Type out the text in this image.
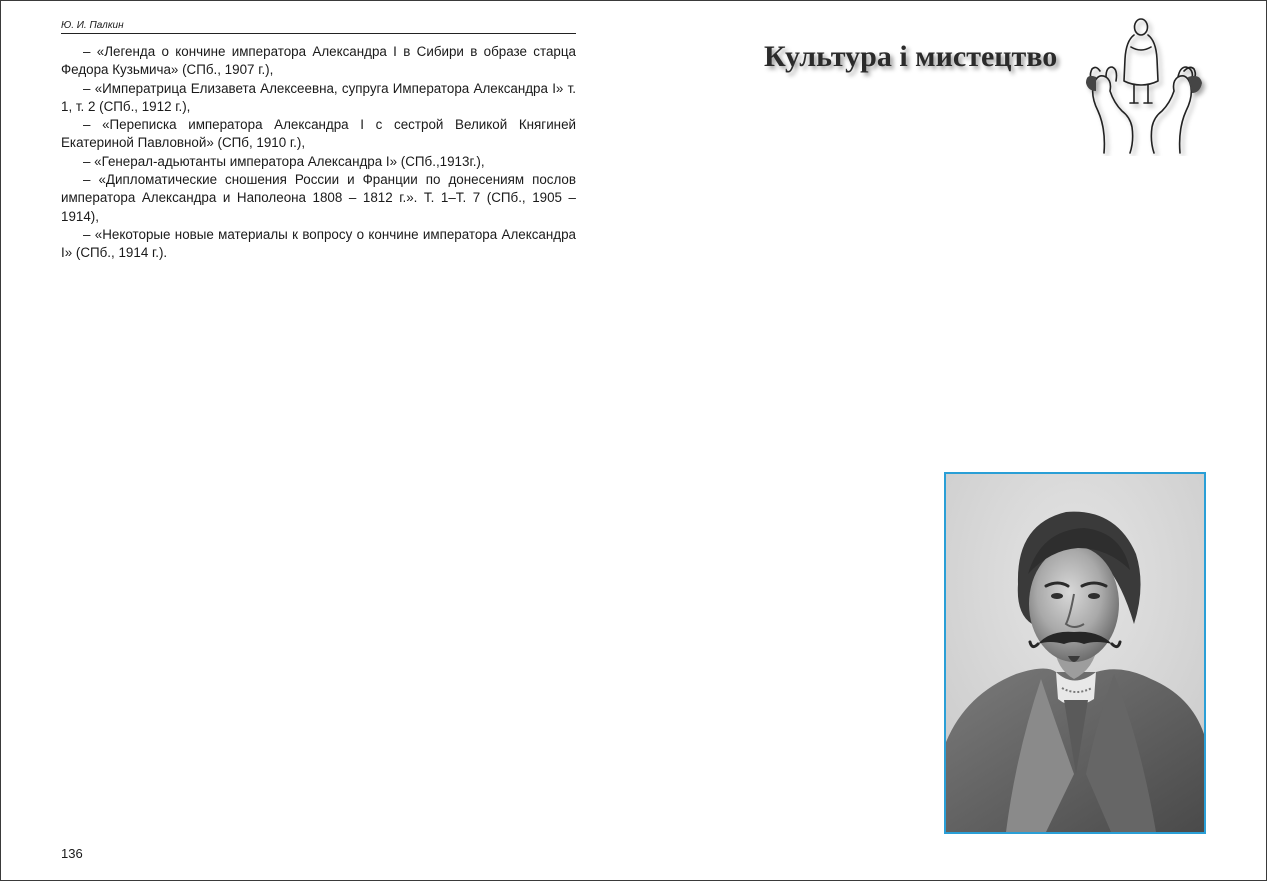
Ю. И. Палкин

– «Легенда о кончине императора Александра I в Сибири в образе старца Федора Кузьмича» (СПб., 1907 г.),

– «Императрица Елизавета Алексеевна, супруга Императора Александра I» т. 1, т. 2 (СПб., 1912 г.),

– «Переписка императора Александра I с сестрой Великой Княгиней Екатериной Павловной» (СПб, 1910 г.),

– «Генерал-адьютанты императора Александра I» (СПб.,1913г.),

– «Дипломатические сношения России и Франции по донесениям послов императора Александра и Наполеона 1808 – 1812 г.». Т. 1–Т. 7 (СПб., 1905 – 1914),

– «Некоторые новые материалы к вопросу о кончине императора Александра I» (СПб., 1914 г.).

136
Культура і мистецтво
